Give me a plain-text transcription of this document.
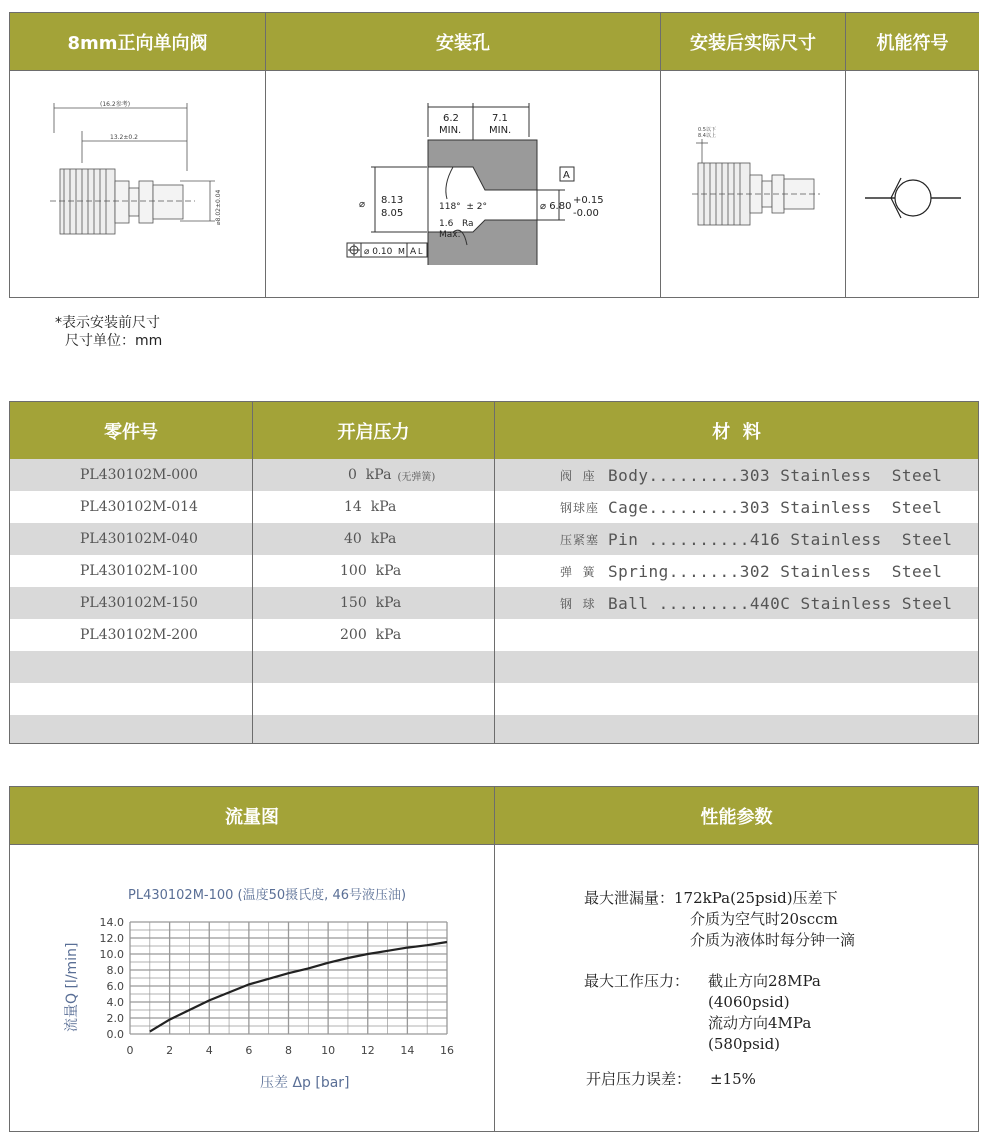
8mm正向单向阀	安装孔	安装后实际尺寸	机能符号
(16.2参考)
13.2±0.2
⌀8.02±0.04
6.2
MIN.
7.1
MIN.
⌀ 8.13
8.05
118°  ± 2°
1.6 Ra
Max.
A
⌀ 6.80
+0.15
-0.00
⌀ 0.10 M A L
0.5以下
8.4以上
*表示安装前尺寸
尺寸单位：mm
零件号	开启压力	材  料
PL430102M-000	0  kPa (无弹簧)	阀  座 Body.........303 Stainless  Steel
PL430102M-014	14  kPa	钢球座 Cage.........303 Stainless  Steel
PL430102M-040	40  kPa	压紧塞 Pin ..........416 Stainless  Steel
PL430102M-100	100  kPa	弹  簧 Spring.......302 Stainless  Steel
PL430102M-150	150  kPa	钢  球 Ball .........440C Stainless Steel
PL430102M-200	200  kPa
流量图	性能参数
PL430102M-100 (温度50摄氏度, 46号液压油)
0	2	4	6	8	10 12 14 16
0.0
2.0
4.0
6.0
8.0
10.0
12.0
14.0
压差 Δp [bar]
流量Q [l/min]
最大泄漏量： 172kPa(25psid)压差下
介质为空气时20sccm
介质为液体时每分钟一滴
最大工作压力： 截止方向28MPa
(4060psid)
流动方向4MPa
(580psid)
开启压力误差： ±15%
